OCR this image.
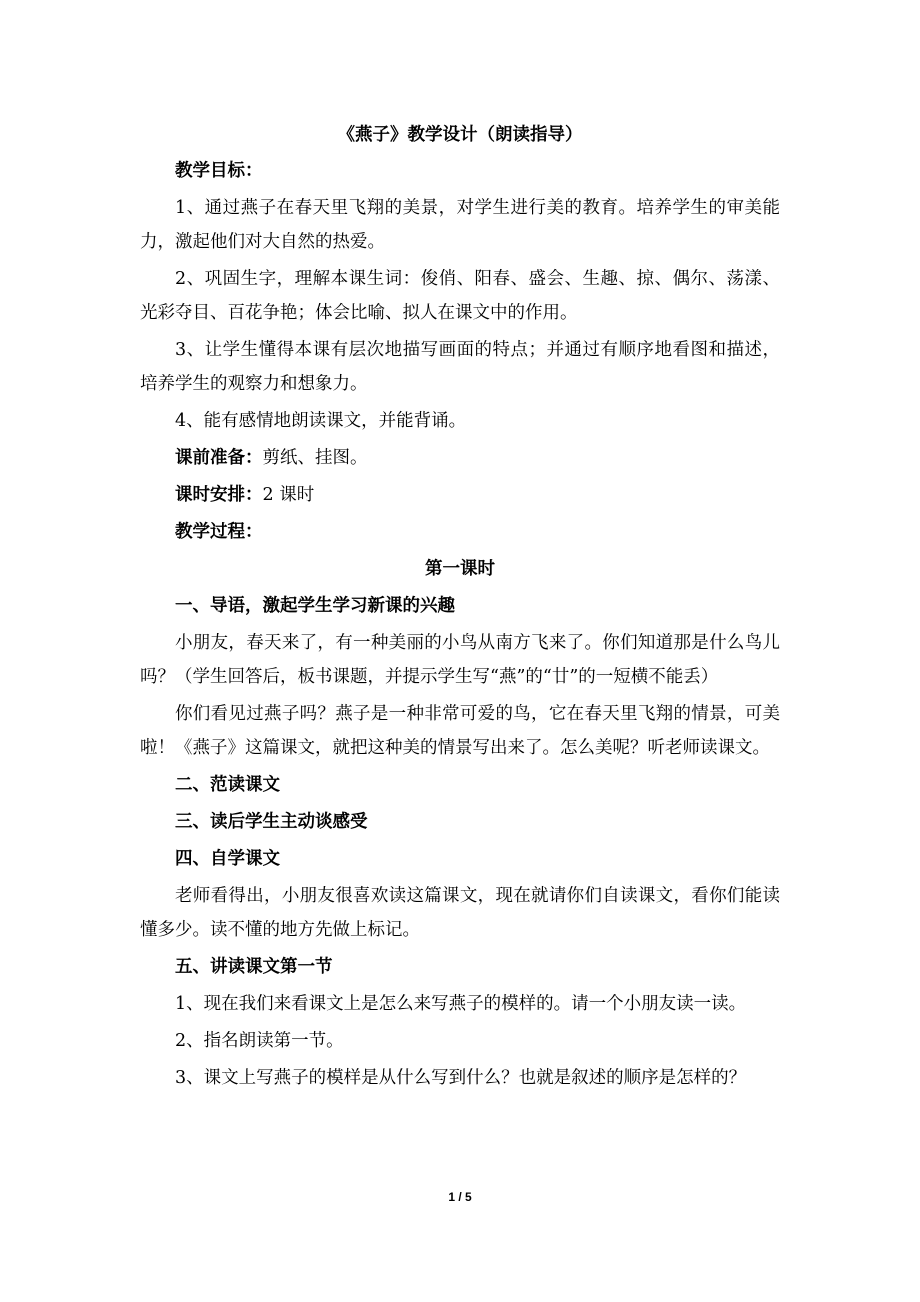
《燕子》教学设计（朗读指导）
教学目标：

1、通过燕子在春天里飞翔的美景，对学生进行美的教育。培养学生的审美能力，激起他们对大自然的热爱。

2、巩固生字，理解本课生词：俊俏、阳春、盛会、生趣、掠、偶尔、荡漾、光彩夺目、百花争艳；体会比喻、拟人在课文中的作用。

3、让学生懂得本课有层次地描写画面的特点；并通过有顺序地看图和描述，培养学生的观察力和想象力。

4、能有感情地朗读课文，并能背诵。

课前准备：剪纸、挂图。

课时安排：2 课时

教学过程：
第一课时
一、导语，激起学生学习新课的兴趣

小朋友，春天来了，有一种美丽的小鸟从南方飞来了。你们知道那是什么鸟儿吗？（学生回答后，板书课题，并提示学生写“燕”的“廿”的一短横不能丢）

你们看见过燕子吗？燕子是一种非常可爱的鸟，它在春天里飞翔的情景，可美啦！《燕子》这篇课文，就把这种美的情景写出来了。怎么美呢？听老师读课文。

二、范读课文
三、读后学生主动谈感受
四、自学课文

老师看得出，小朋友很喜欢读这篇课文，现在就请你们自读课文，看你们能读懂多少。读不懂的地方先做上标记。

五、讲读课文第一节

1、现在我们来看课文上是怎么来写燕子的模样的。请一个小朋友读一读。

2、指名朗读第一节。

3、课文上写燕子的模样是从什么写到什么？也就是叙述的顺序是怎样的？

1 / 5
